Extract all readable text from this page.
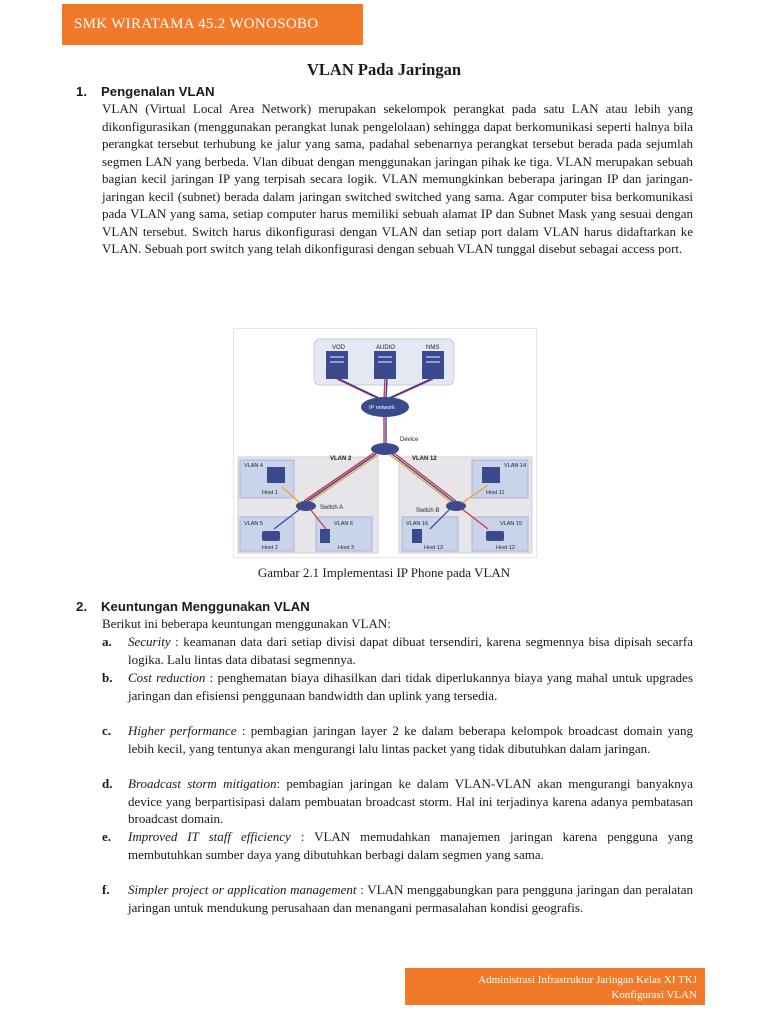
SMK WIRATAMA 45.2 WONOSOBO
VLAN Pada Jaringan
1. Pengenalan VLAN
VLAN (Virtual Local Area Network) merupakan sekelompok perangkat pada satu LAN atau lebih yang dikonfigurasikan (menggunakan perangkat lunak pengelolaan) sehingga dapat berkomunikasi seperti halnya bila perangkat tersebut terhubung ke jalur yang sama, padahal sebenarnya perangkat tersebut berada pada sejumlah segmen LAN yang berbeda. Vlan dibuat dengan menggunakan jaringan pihak ke tiga. VLAN merupakan sebuah bagian kecil jaringan IP yang terpisah secara logik. VLAN memungkinkan beberapa jaringan IP dan jaringan-jaringan kecil (subnet) berada dalam jaringan switched switched yang sama. Agar computer bisa berkomunikasi pada VLAN yang sama, setiap computer harus memiliki sebuah alamat IP dan Subnet Mask yang sesuai dengan VLAN tersebut. Switch harus dikonfigurasi dengan VLAN dan setiap port dalam VLAN harus didaftarkan ke VLAN. Sebuah port switch yang telah dikonfigurasi dengan sebuah VLAN tunggal disebut sebagai access port.
VOD	AUDIO	NMS
IP network
Device
VLAN 2	VLAN 12
Switch A	Switch B
VLAN 4
Host 1
VLAN 5
Host 2
VLAN 6
Host 3
VLAN 14
Host 11
VLAN 16
Host 13
VLAN 15
Host 12
Gambar 2.1 Implementasi IP Phone pada VLAN
2. Keuntungan Menggunakan VLAN
Berikut ini beberapa keuntungan menggunakan VLAN:
a. Security : keamanan data dari setiap divisi dapat dibuat tersendiri, karena segmennya bisa dipisah secarfa logika. Lalu lintas data dibatasi segmennya.
b. Cost reduction : penghematan biaya dihasilkan dari tidak diperlukannya biaya yang mahal untuk upgrades jaringan dan efisiensi penggunaan bandwidth dan uplink yang tersedia.
c. Higher performance : pembagian jaringan layer 2 ke dalam beberapa kelompok broadcast domain yang lebih kecil, yang tentunya akan mengurangi lalu lintas packet yang tidak dibutuhkan dalam jaringan.
d. Broadcast storm mitigation: pembagian jaringan ke dalam VLAN-VLAN akan mengurangi banyaknya device yang berpartisipasi dalam pembuatan broadcast storm. Hal ini terjadinya karena adanya pembatasan broadcast domain.
e. Improved IT staff efficiency : VLAN memudahkan manajemen jaringan karena pengguna yang membutuhkan sumber daya yang dibutuhkan berbagi dalam segmen yang sama.
f. Simpler project or application management : VLAN menggabungkan para pengguna jaringan dan peralatan jaringan untuk mendukung perusahaan dan menangani permasalahan kondisi geografis.
Administrasi Infrastruktur Jaringan Kelas XI TKJ
Konfigurasi VLAN
